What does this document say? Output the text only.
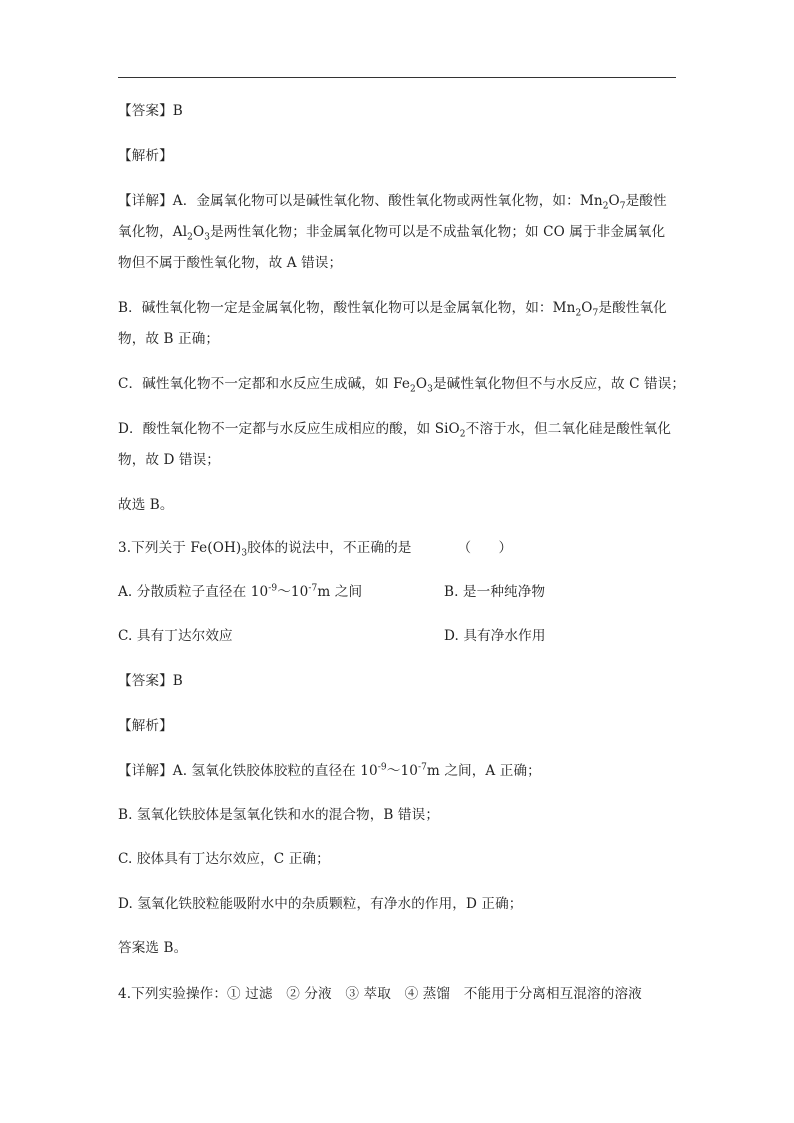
【答案】B
【解析】
【详解】A．金属氧化物可以是碱性氧化物、酸性氧化物或两性氧化物，如：$Mn_2O_7$是酸性
氧化物，$Al_2O_3$是两性氧化物；非金属氧化物可以是不成盐氧化物；如 CO 属于非金属氧化
物但不属于酸性氧化物，故 A 错误；
B．碱性氧化物一定是金属氧化物，酸性氧化物可以是金属氧化物，如：$Mn_2O_7$是酸性氧化
物，故 B 正确；
C．碱性氧化物不一定都和水反应生成碱，如 $Fe_2O_3$是碱性氧化物但不与水反应，故 C 错误；
D．酸性氧化物不一定都与水反应生成相应的酸，如 SiO$_2$不溶于水，但二氧化硅是酸性氧化
物，故 D 错误；
故选 B。
3.下列关于 $Fe(OH)_3$胶体的说法中，不正确的是	（　　）
A. 分散质粒子直径在 $10^{-9}\sim 10^{-7}m$ 之间	B. 是一种纯净物
C. 具有丁达尔效应	D. 具有净水作用
【答案】B
【解析】
【详解】A. 氢氧化铁胶体胶粒的直径在 $10^{-9}\sim 10^{-7}m$ 之间，A 正确；
B. 氢氧化铁胶体是氢氧化铁和水的混合物，B 错误；
C. 胶体具有丁达尔效应，C 正确；
D. 氢氧化铁胶粒能吸附水中的杂质颗粒，有净水的作用，D 正确；
答案选 B。
4.下列实验操作：① 过滤　② 分液　③ 萃取　④ 蒸馏　不能用于分离相互混溶的溶液
